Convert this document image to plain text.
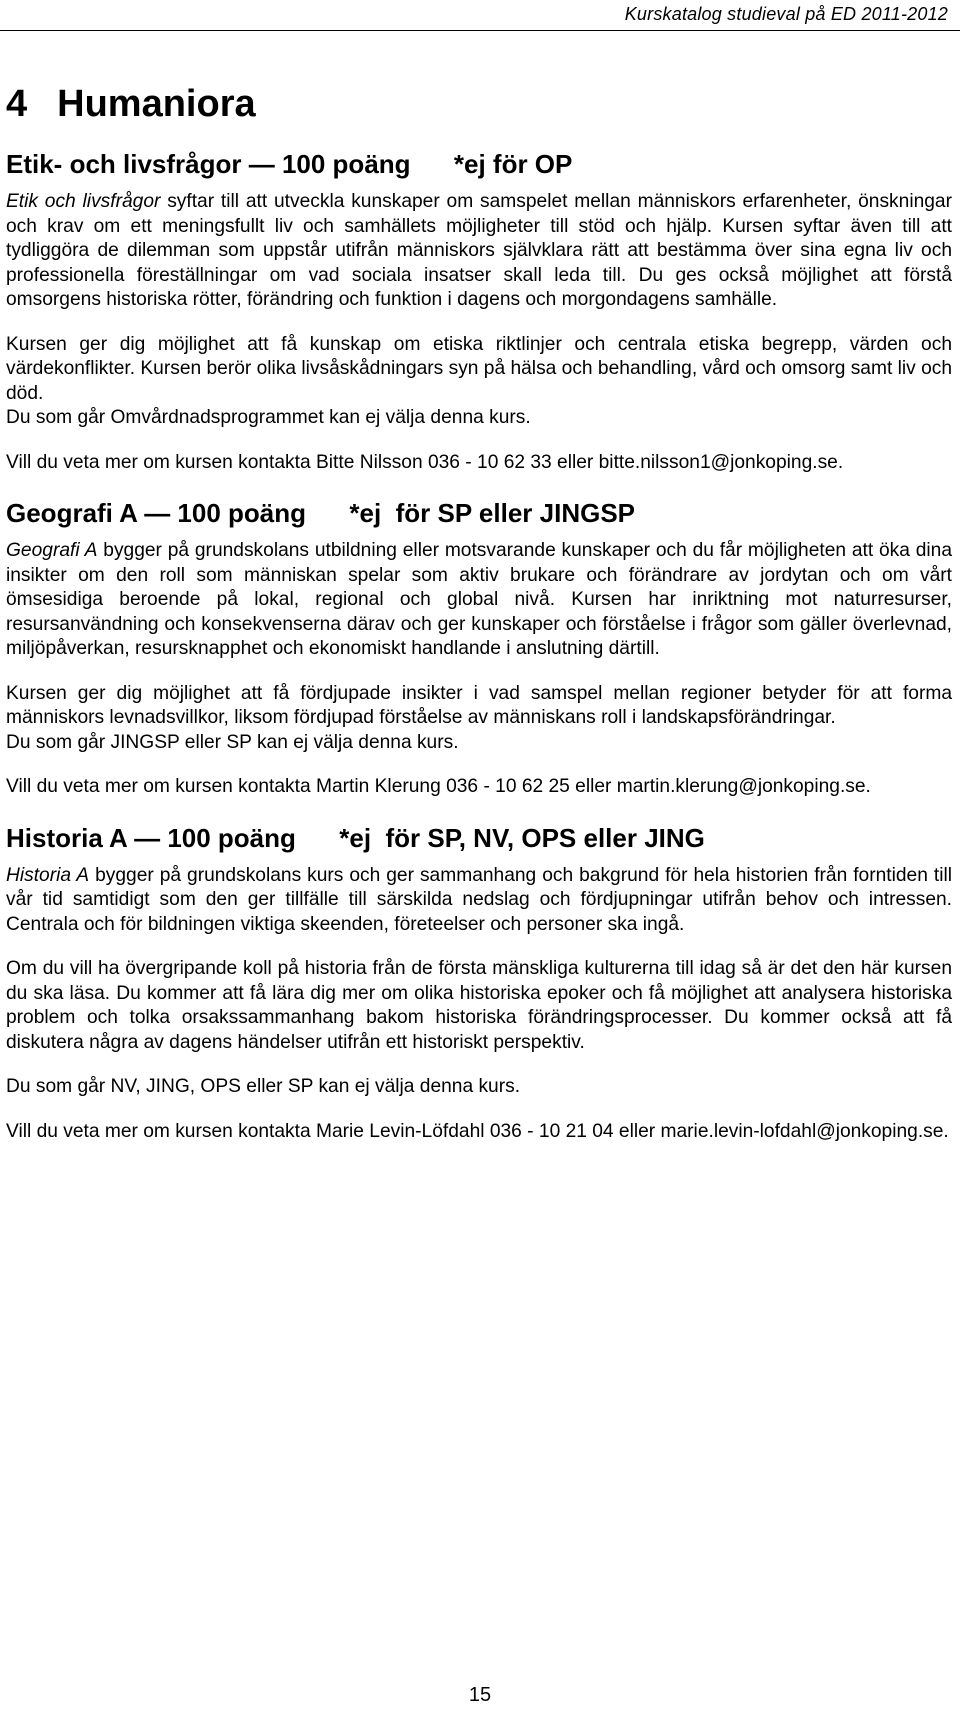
Kurskatalog studieval på ED 2011-2012
4 Humaniora
Etik- och livsfrågor — 100 poäng *ej för OP

Etik och livsfrågor syftar till att utveckla kunskaper om samspelet mellan människors erfarenheter, önskningar och krav om ett meningsfullt liv och samhällets möjligheter till stöd och hjälp. Kursen syftar även till att tydliggöra de dilemman som uppstår utifrån människors självklara rätt att bestämma över sina egna liv och professionella föreställningar om vad sociala insatser skall leda till. Du ges också möjlighet att förstå omsorgens historiska rötter, förändring och funktion i dagens och morgondagens samhälle.

Kursen ger dig möjlighet att få kunskap om etiska riktlinjer och centrala etiska begrepp, värden och värdekonflikter. Kursen berör olika livsåskådningars syn på hälsa och behandling, vård och omsorg samt liv och död.

Du som går Omvårdnadsprogrammet kan ej välja denna kurs.

Vill du veta mer om kursen kontakta Bitte Nilsson 036 - 10 62 33 eller bitte.nilsson1@jonkoping.se.

Geografi A — 100 poäng *ej  för SP eller JINGSP

Geografi A bygger på grundskolans utbildning eller motsvarande kunskaper och du får möjligheten att öka dina insikter om den roll som människan spelar som aktiv brukare och förändrare av jordytan och om vårt ömsesidiga beroende på lokal, regional och global nivå. Kursen har inriktning mot naturresurser, resursanvändning och konsekvenserna därav och ger kunskaper och förståelse i frågor som gäller överlevnad, miljöpåverkan, resursknapphet och ekonomiskt handlande i anslutning därtill.

Kursen ger dig möjlighet att få fördjupade insikter i vad samspel mellan regioner betyder för att forma människors levnadsvillkor, liksom fördjupad förståelse av människans roll i landskapsförändringar.

Du som går JINGSP eller SP kan ej välja denna kurs.

Vill du veta mer om kursen kontakta Martin Klerung 036 - 10 62 25 eller martin.klerung@jonkoping.se.

Historia A — 100 poäng *ej  för SP, NV, OPS eller JING

Historia A bygger på grundskolans kurs och ger sammanhang och bakgrund för hela historien från forntiden till vår tid samtidigt som den ger tillfälle till särskilda nedslag och fördjupningar utifrån behov och intressen. Centrala och för bildningen viktiga skeenden, företeelser och personer ska ingå.

Om du vill ha övergripande koll på historia från de första mänskliga kulturerna till idag så är det den här kursen du ska läsa. Du kommer att få lära dig mer om olika historiska epoker och få möjlighet att analysera historiska problem och tolka orsakssammanhang bakom historiska förändringsprocesser. Du kommer också att få diskutera några av dagens händelser utifrån ett historiskt perspektiv.

Du som går NV, JING, OPS eller SP kan ej välja denna kurs.

Vill du veta mer om kursen kontakta Marie Levin-Löfdahl 036 - 10 21 04 eller marie.levin-lofdahl@jonkoping.se.

15
